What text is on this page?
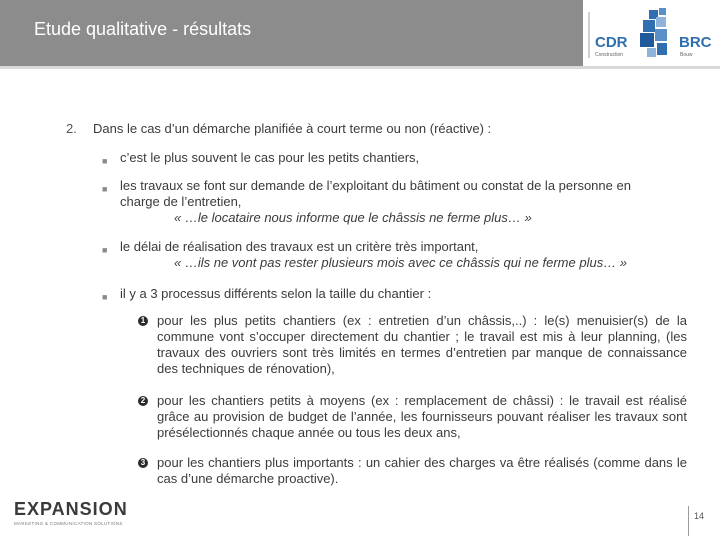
Etude qualitative - résultats
CDR
Construction
BRC
Bouw
2. Dans le cas d’un démarche planifiée à court terme ou non (réactive) :
■ c’est le plus souvent le cas pour les petits chantiers,
■ les travaux se font sur demande de l’exploitant du bâtiment ou constat de la personne en
charge de l’entretien,
« …le locataire nous informe que le châssis ne ferme plus… »
■ le délai de réalisation des travaux est un critère très important,
« …ils ne vont pas rester plusieurs mois avec ce châssis qui ne ferme plus… »
■ il y a 3 processus différents selon la taille du chantier :
1 pour les plus petits chantiers (ex : entretien d’un châssis,..) : le(s) menuisier(s) de la commune vont s’occuper directement du chantier ; le travail est mis à leur planning, (les travaux des ouvriers sont très limités en termes d’entretien par manque de connaissance des techniques de rénovation),
2 pour les chantiers petits à moyens (ex : remplacement de châssi) : le travail est réalisé grâce au provision de budget de l’année, les fournisseurs pouvant réaliser les travaux sont présélectionnés chaque année ou tous les deux ans,
3 pour les chantiers plus importants : un cahier des charges va être réalisés (comme dans le cas d’une démarche proactive).
EXPANSION
MARKETING & COMMUNICATION SOLUTIONS
14
